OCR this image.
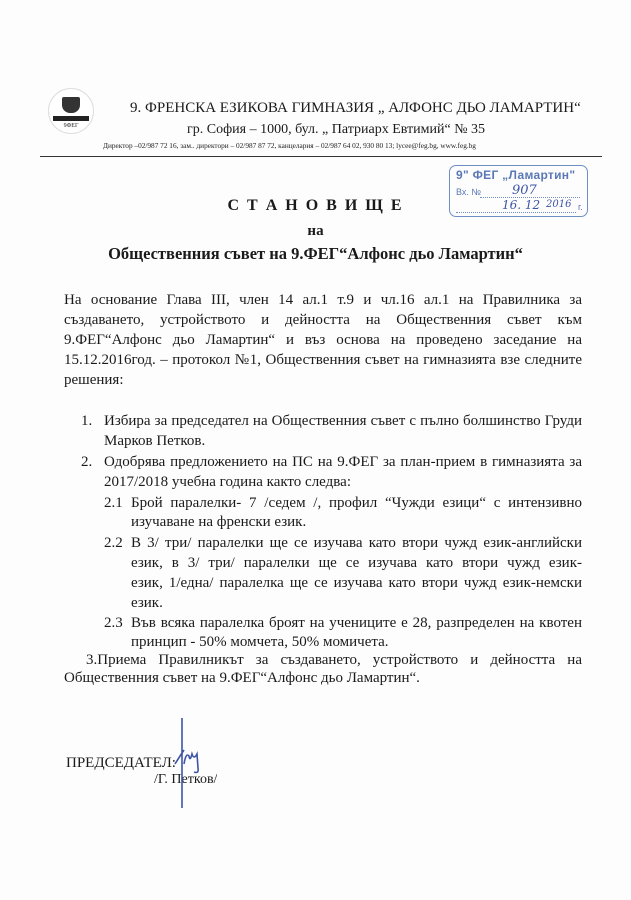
9ФЕГ
9. ФРЕНСКА ЕЗИКОВА ГИМНАЗИЯ „ АЛФОНС ДЬО ЛАМАРТИН“
гр. София – 1000, бул. „ Патриарх Евтимий“ № 35
Директор –02/987 72 16, зам.. директори – 02/987 87 72, канцелария – 02/987 64 02, 930 80 13; lycee@feg.bg, www.feg.bg
9" ФЕГ „Ламартин"
Вх. № 907
16. 12 2016 г.
С Т А Н О В И Щ Е
на
Общественния съвет на 9.ФЕГ“Алфонс дьо Ламартин“
На основание Глава III, член 14 ал.1 т.9 и чл.16 ал.1 на Правилника за
създаването, устройството и дейността на Общественния съвет към
9.ФЕГ“Алфонс дьо Ламартин“ и въз основа на проведено заседание на
15.12.2016год. – протокол №1, Общественния съвет на гимназията взе следните
решения:
1. Избира за председател на Общественния съвет с пълно болшинство Груди
Марков Петков.
2. Одобрява предложението на ПС на 9.ФЕГ за план-прием в гимназията за
2017/2018 учебна година както следва:
2.1 Брой паралелки- 7 /седем /, профил “Чужди езици“ с интензивно
изучаване на френски език.
2.2 В 3/ три/ паралелки ще се изучава като втори чужд език-английски
език, в 3/ три/ паралелки ще се изучава като втори чужд език-
език, 1/една/ паралелка ще се изучава като втори чужд език-немски
език.
2.3 Във всяка паралелка броят на учениците е 28, разпределен на квотен
принцип - 50% момчета, 50% момичета.
3.Приема Правилникът за създаването, устройството и дейността на
Общественния съвет на 9.ФЕГ“Алфонс дьо Ламартин“.
ПРЕДСЕДАТЕЛ:
/Г. Петков/
